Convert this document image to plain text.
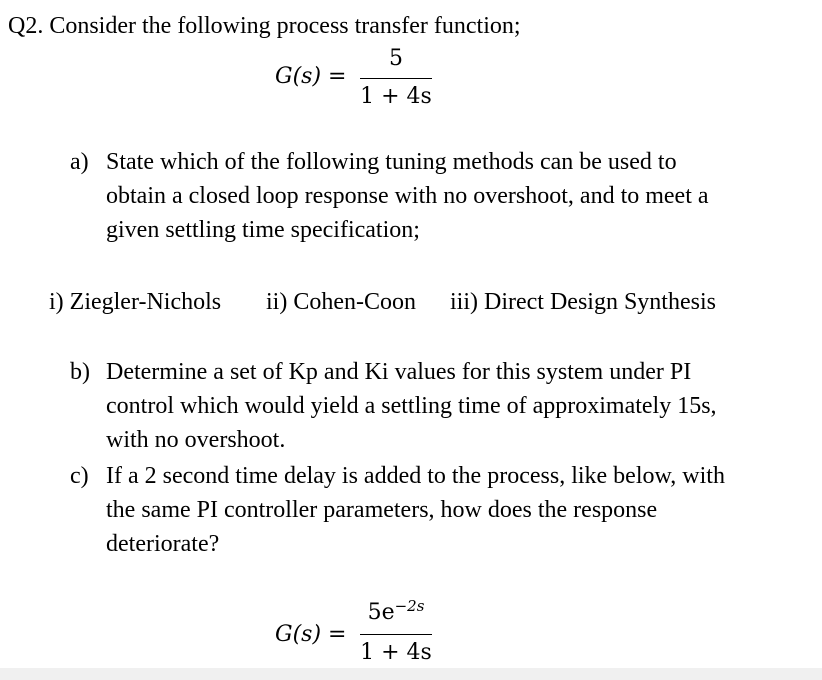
Q2. Consider the following process transfer function;

G(s) =
5
1 + 4s
a) State which of the following tuning methods can be used to
obtain a closed loop response with no overshoot, and to meet a
given settling time specification;
i) Ziegler-Nichols ii) Cohen-Coon iii) Direct Design Synthesis
b) Determine a set of Kp and Ki values for this system under PI
control which would yield a settling time of approximately 15s,
with no overshoot.
c) If a 2 second time delay is added to the process, like below, with
the same PI controller parameters, how does the response
deteriorate?
G(s) =
$5e^{-2s}$
1 + 4s
